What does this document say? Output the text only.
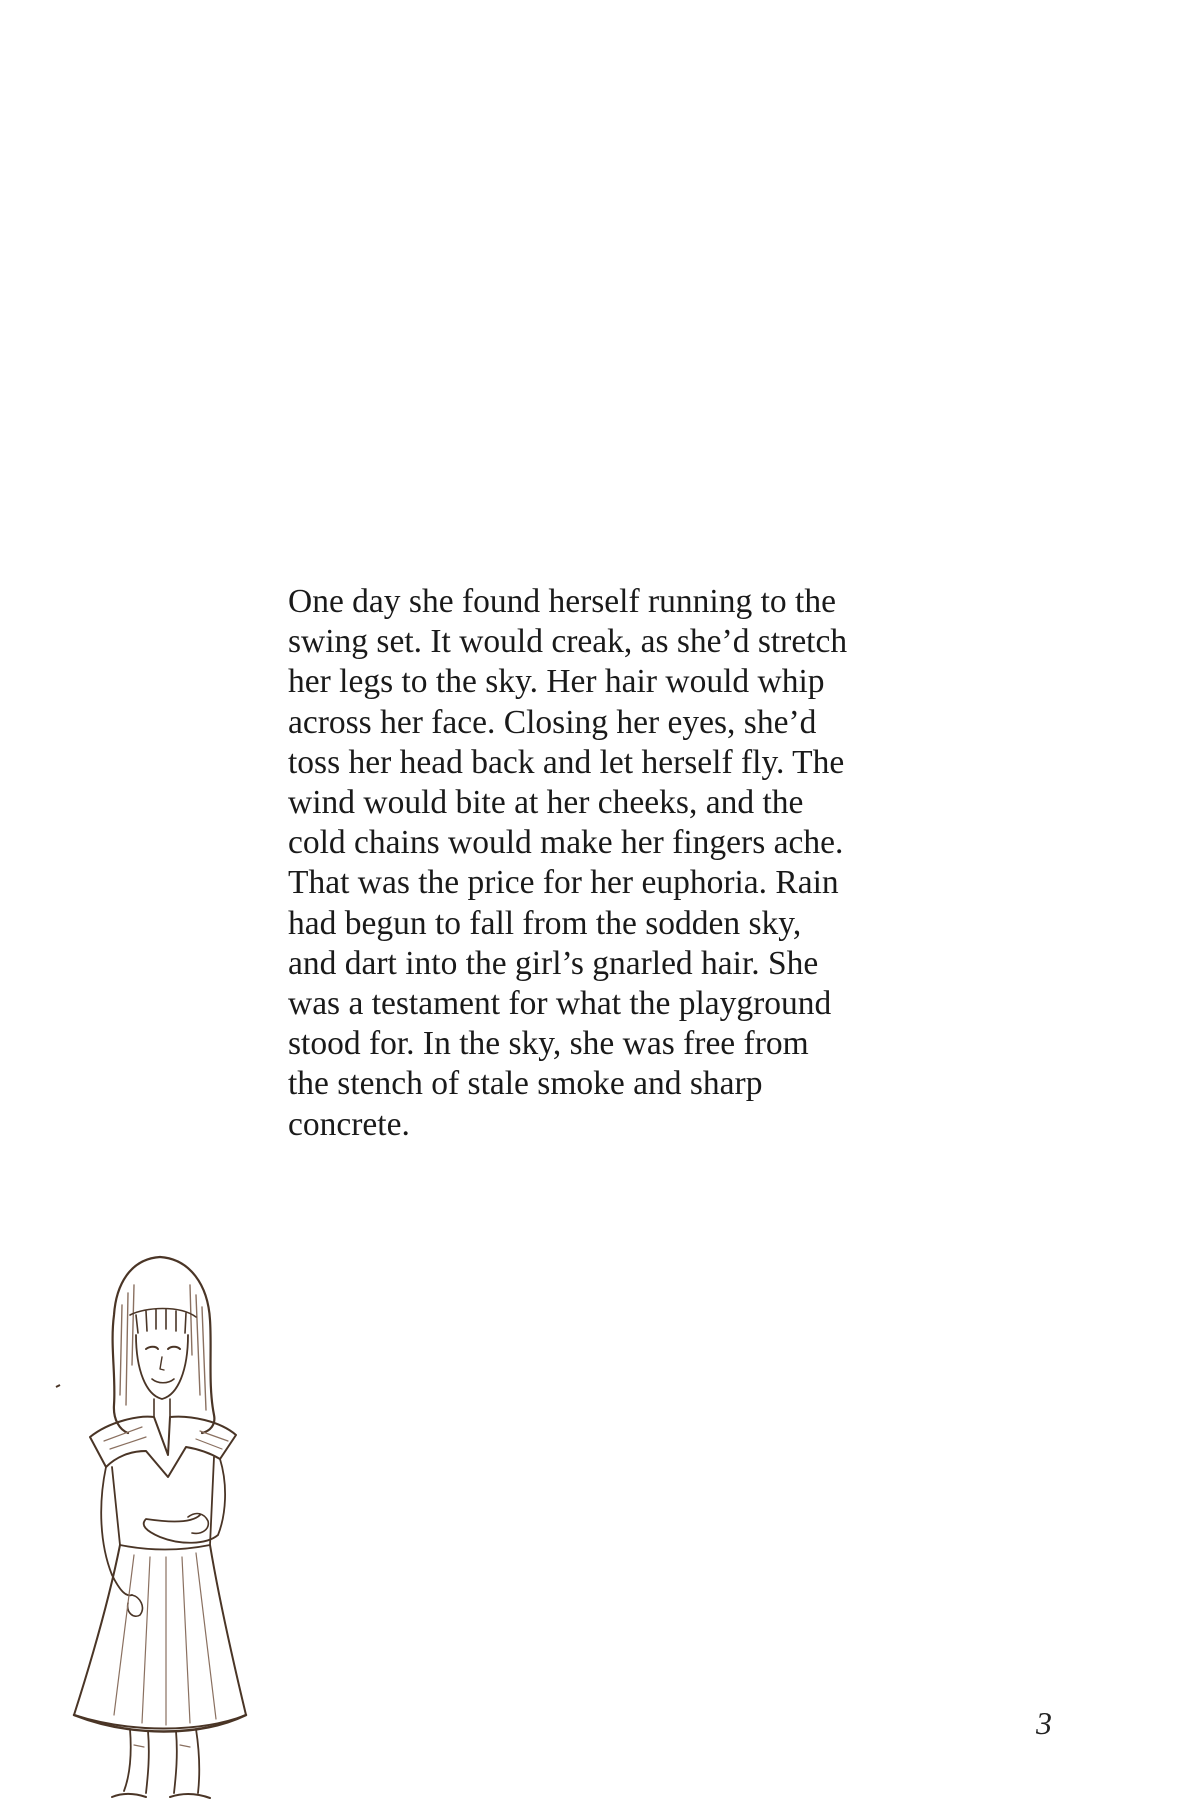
One day she found herself running to the
swing set. It would creak, as she’d stretch
her legs to the sky. Her hair would whip
across her face. Closing her eyes, she’d
toss her head back and let herself fly. The
wind would bite at her cheeks, and the
cold chains would make her fingers ache.
That was the price for her euphoria. Rain
had begun to fall from the sodden sky,
and dart into the girl’s gnarled hair. She
was a testament for what the playground
stood for. In the sky, she was free from
the stench of stale smoke and sharp
concrete.
3
